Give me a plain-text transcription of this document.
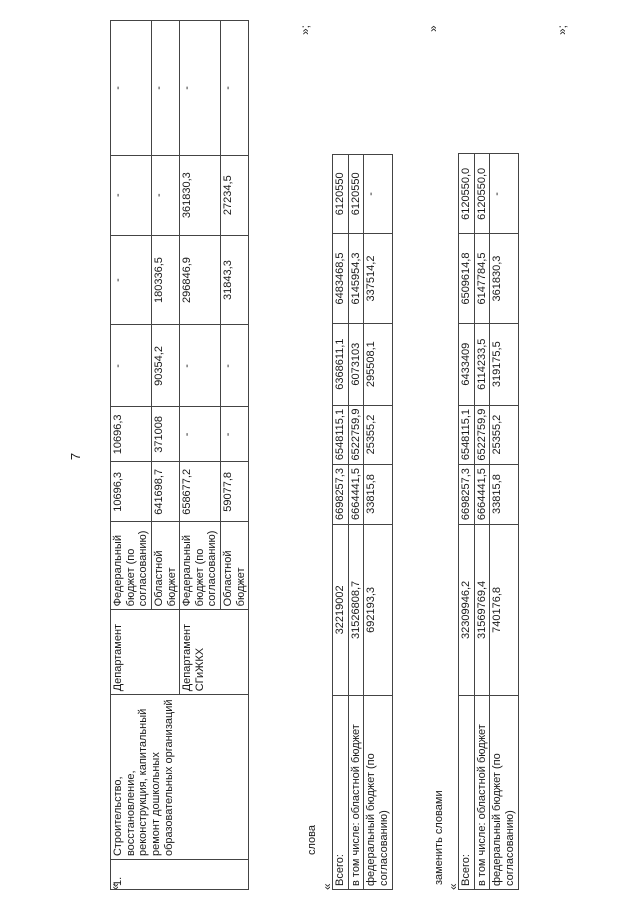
7
«
1.	Строительство, восстановление, реконструкция, капитальный ремонт дошкольных образовательных организаций	Департамент	Федеральный бюджет (по согласованию)	10696,3	10696,3	-	-	-	-
			Областной бюджет	641698,7	371008	90354,2	180336,5	-	-
		Департамент СГиЖКХ	Федеральный бюджет (по согласованию)	658677,2	-	-	296846,9	361830,3	-
			Областной бюджет	59077,8	-	-	31843,3	27234,5	-
»;
слова
«
Всего:	32219002	6698257,3	6548115,1	6368611,1	6483468,5	6120550
в том числе: областной бюджет	31526808,7	6664441,5	6522759,9	6073103	6145954,3	6120550
федеральный бюджет (по согласованию)	692193,3	33815,8	25355,2	295508,1	337514,2	-
»
заменить словами
«
Всего:	32309946,2	6698257,3	6548115,1	6433409	6509614,8	6120550,0
в том числе: областной бюджет	31569769,4	6664441,5	6522759,9	6114233,5	6147784,5	6120550,0
федеральный бюджет (по согласованию)	740176,8	33815,8	25355,2	319175,5	361830,3	-
»;
